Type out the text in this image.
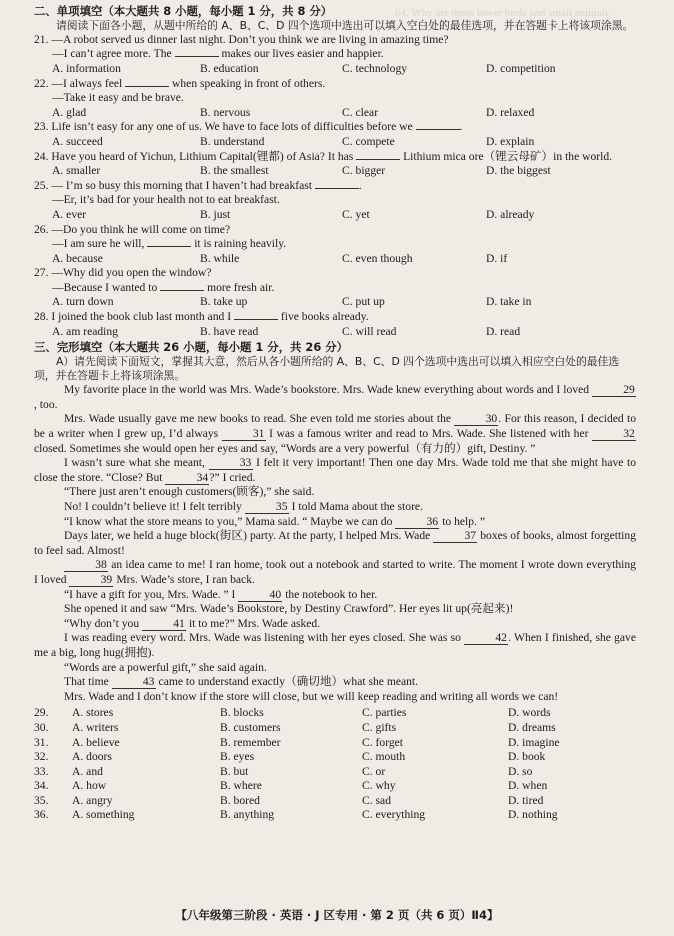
64. Why are these lower birds and small animals
二、单项填空（本大题共 8 小题，每小题 1 分，共 8 分）
请阅读下面各小题，从题中所给的 A、B、C、D 四个选项中选出可以填入空白处的最佳选项，并在答题卡上将该项涂黑。
21. —A robot served us dinner last night. Don’t you think we are living in amazing time?
—I can’t agree more. The	makes our lives easier and happier.
A. information	B. education	C. technology	D. competition
22. —I always feel	when speaking in front of others.
—Take it easy and be brave.
A. glad	B. nervous	C. clear	D. relaxed
23. Life isn’t easy for any one of us. We have to face lots of difficulties before we	.
A. succeed	B. understand	C. compete	D. explain
24. Have you heard of Yichun, Lithium Capital(锂都) of Asia? It has	Lithium mica ore（锂云母矿）in the world.
A. smaller	B. the smallest	C. bigger	D. the biggest
25. — I’m so busy this morning that I haven’t had breakfast	.
—Er, it’s bad for your health not to eat breakfast.
A. ever	B. just	C. yet	D. already
26. —Do you think he will come on time?
—I am sure he will,	it is raining heavily.
A. because	B. while	C. even though	D. if
27. —Why did you open the window?
—Because I wanted to	more fresh air.
A. turn down	B. take up	C. put up	D. take in
28. I joined the book club last month and I	five books already.
A. am reading	B. have read	C. will read	D. read
三、完形填空（本大题共 26 小题，每小题 1 分，共 26 分）
A）请先阅读下面短文，掌握其大意，然后从各小题所给的 A、B、C、D 四个选项中选出可以填入相应空白处的最佳选项，并在答题卡上将该项涂黑。
My favorite place in the world was Mrs. Wade’s bookstore. Mrs. Wade knew everything about words and I loved	29, too.
Mrs. Wade usually gave me new books to read. She even told me stories about the	30. For this reason, I decided to be a writer when I grew up, I’d always	31 I was a famous writer and read to Mrs. Wade. She listened with her	32 closed. Sometimes she would open her eyes and say, “Words are a very powerful（有力的）gift, Destiny. ”
I wasn’t sure what she meant,	33 I felt it very important! Then one day Mrs. Wade told me that she might have to close the store. “Close? But	34?” I cried.
“There just aren’t enough customers(顾客),” she said.
No! I couldn’t believe it! I felt terribly	35 I told Mama about the store.
“I know what the store means to you,” Mama said. “ Maybe we can do	36 to help. ”
Days later, we held a huge block(街区) party. At the party, I helped Mrs. Wade	37 boxes of books, almost forgetting to feel sad. Almost!
38 an idea came to me! I ran home, took out a notebook and started to write. The moment I wrote down everything I loved	39 Mrs. Wade’s store, I ran back.
“I have a gift for you, Mrs. Wade. ” I	40 the notebook to her.
She opened it and saw “Mrs. Wade’s Bookstore, by Destiny Crawford”. Her eyes lit up(亮起来)!
“Why don’t you	41 it to me?” Mrs. Wade asked.
I was reading every word. Mrs. Wade was listening with her eyes closed. She was so	42. When I finished, she gave me a big, long hug(拥抱).
“Words are a powerful gift,” she said again.
That time	43 came to understand exactly（确切地）what she meant.
Mrs. Wade and I don’t know if the store will close, but we will keep reading and writing all words we can!
29.	A. stores	B. blocks	C. parties	D. words
30.	A. writers	B. customers	C. gifts	D. dreams
31.	A. believe	B. remember	C. forget	D. imagine
32.	A. doors	B. eyes	C. mouth	D. book
33.	A. and	B. but	C. or	D. so
34.	A. how	B. where	C. why	D. when
35.	A. angry	B. bored	C. sad	D. tired
36.	A. something	B. anything	C. everything	D. nothing
【八年级第三阶段 · 英语 · J 区专用 · 第 2 页（共 6 页）Ⅱ4】
